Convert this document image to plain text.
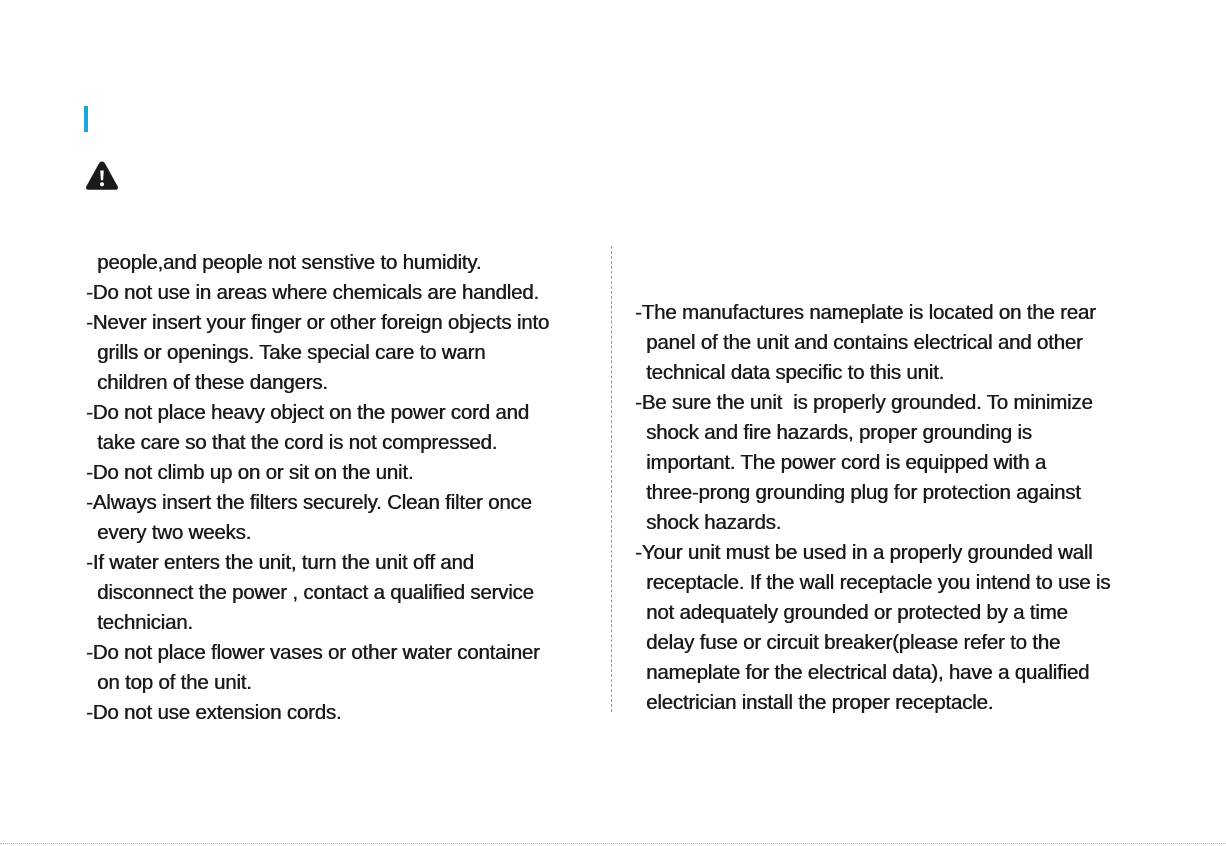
people,and people not senstive to humidity.
-Do not use in areas where chemicals are handled.
-Never insert your finger or other foreign objects into
grills or openings. Take special care to warn
children of these dangers.
-Do not place heavy object on the power cord and
take care so that the cord is not compressed.
-Do not climb up on or sit on the unit.
-Always insert the filters securely. Clean filter once
every two weeks.
-If water enters the unit, turn the unit off and
disconnect the power , contact a qualified service
technician.
-Do not place flower vases or other water container
on top of the unit.
-Do not use extension cords.
-The manufactures nameplate is located on the rear
panel of the unit and contains electrical and other
technical data specific to this unit.
-Be sure the unit  is properly grounded. To minimize
shock and fire hazards, proper grounding is
important. The power cord is equipped with a
three-prong grounding plug for protection against
shock hazards.
-Your unit must be used in a properly grounded wall
receptacle. If the wall receptacle you intend to use is
not adequately grounded or protected by a time
delay fuse or circuit breaker(please refer to the
nameplate for the electrical data), have a qualified
electrician install the proper receptacle.
